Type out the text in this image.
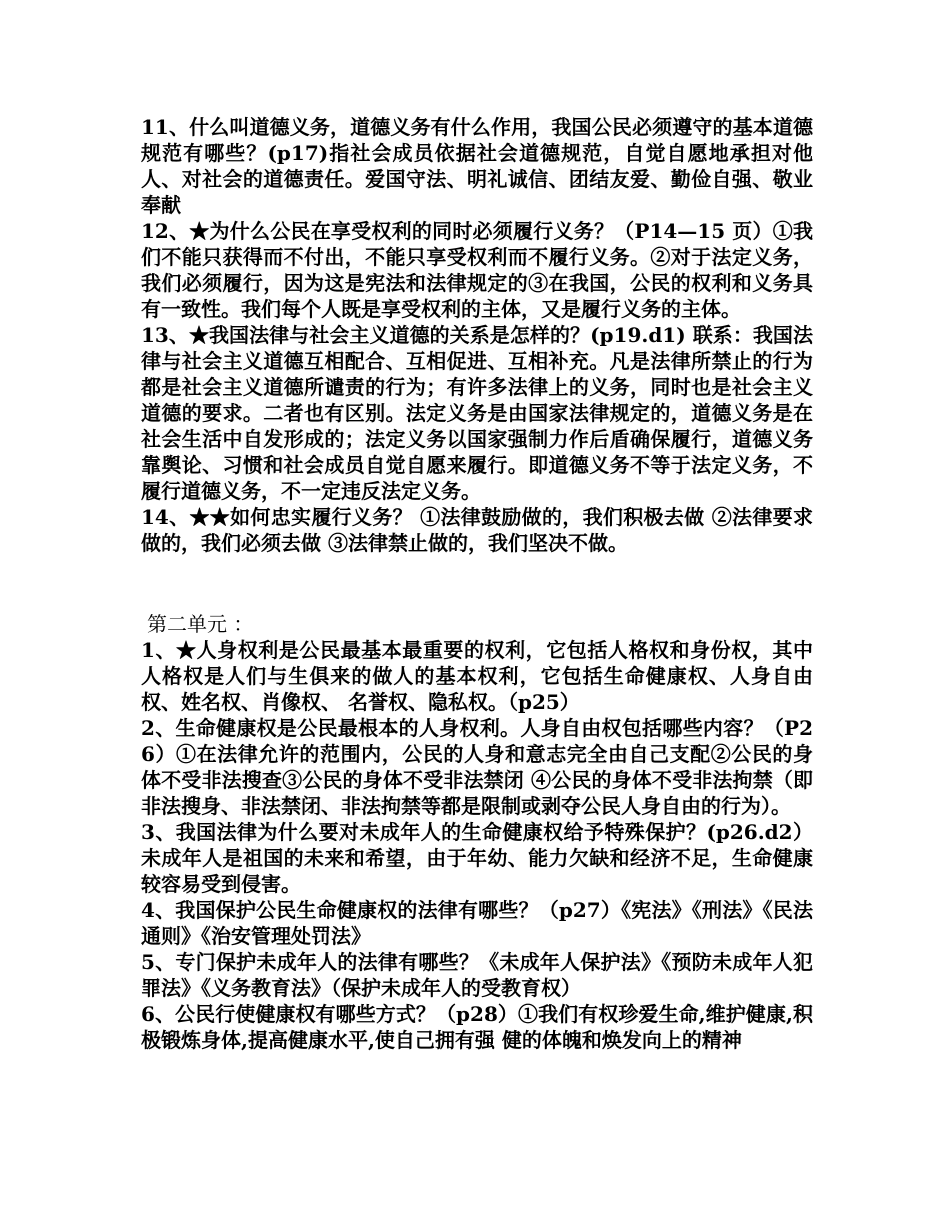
11、什么叫道德义务，道德义务有什么作用，我国公民必须遵守的基本道德规范有哪些？(p17)指社会成员依据社会道德规范，自觉自愿地承担对他人、对社会的道德责任。爱国守法、明礼诚信、团结友爱、勤俭自强、敬业奉献

12、★为什么公民在享受权利的同时必须履行义务？（P14—15 页）①我们不能只获得而不付出，不能只享受权利而不履行义务。②对于法定义务，我们必须履行，因为这是宪法和法律规定的③在我国，公民的权利和义务具有一致性。我们每个人既是享受权利的主体，又是履行义务的主体。

13、★我国法律与社会主义道德的关系是怎样的？(p19.d1) 联系：我国法律与社会主义道德互相配合、互相促进、互相补充。凡是法律所禁止的行为都是社会主义道德所谴责的行为；有许多法律上的义务，同时也是社会主义道德的要求。二者也有区别。法定义务是由国家法律规定的，道德义务是在社会生活中自发形成的；法定义务以国家强制力作后盾确保履行，道德义务靠舆论、习惯和社会成员自觉自愿来履行。即道德义务不等于法定义务，不履行道德义务，不一定违反法定义务。

14、★★如何忠实履行义务？ ①法律鼓励做的，我们积极去做 ②法律要求做的，我们必须去做 ③法律禁止做的，我们坚决不做。

第二单元 ：

1、★人身权利是公民最基本最重要的权利，它包括人格权和身份权，其中人格权是人们与生俱来的做人的基本权利，它包括生命健康权、人身自由权、姓名权、肖像权、 名誉权、隐私权。（p25）

2、生命健康权是公民最根本的人身权利。人身自由权包括哪些内容？（P26）①在法律允许的范围内，公民的人身和意志完全由自己支配②公民的身体不受非法搜查③公民的身体不受非法禁闭 ④公民的身体不受非法拘禁（即非法搜身、非法禁闭、非法拘禁等都是限制或剥夺公民人身自由的行为）。

3、我国法律为什么要对未成年人的生命健康权给予特殊保护？(p26.d2）未成年人是祖国的未来和希望，由于年幼、能力欠缺和经济不足，生命健康较容易受到侵害。

4、我国保护公民生命健康权的法律有哪些？（p27）《宪法》《刑法》《民法通则》《治安管理处罚法》

5、专门保护未成年人的法律有哪些？《未成年人保护法》《预防未成年人犯罪法》《义务教育法》（保护未成年人的受教育权）

6、公民行使健康权有哪些方式？（p28）①我们有权珍爱生命,维护健康,积极锻炼身体,提高健康水平,使自己拥有强 健的体魄和焕发向上的精神
